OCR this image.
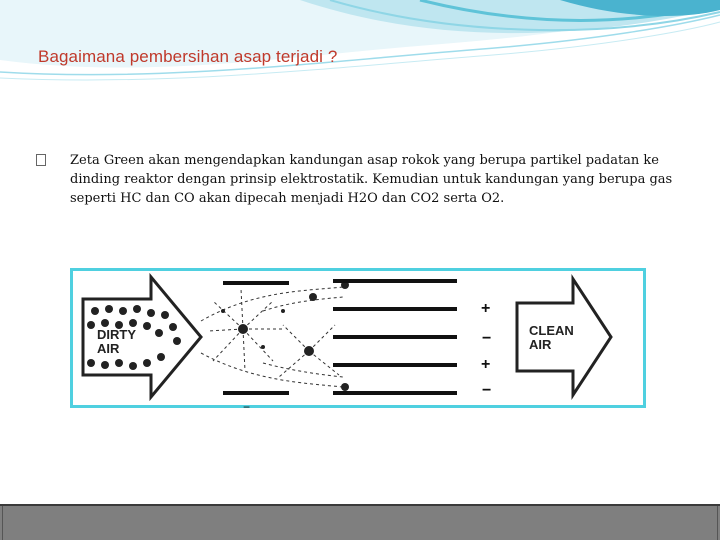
Bagaimana pembersihan asap terjadi ?

Zeta Green akan mengendapkan kandungan asap rokok yang berupa partikel padatan ke dinding reaktor dengan prinsip elektrostatik. Kemudian untuk kandungan yang berupa gas seperti HC dan CO akan dipecah menjadi H2O dan CO2 serta O2.

DIRTY
AIR
+
−
+
−
−
CLEAN
AIR
